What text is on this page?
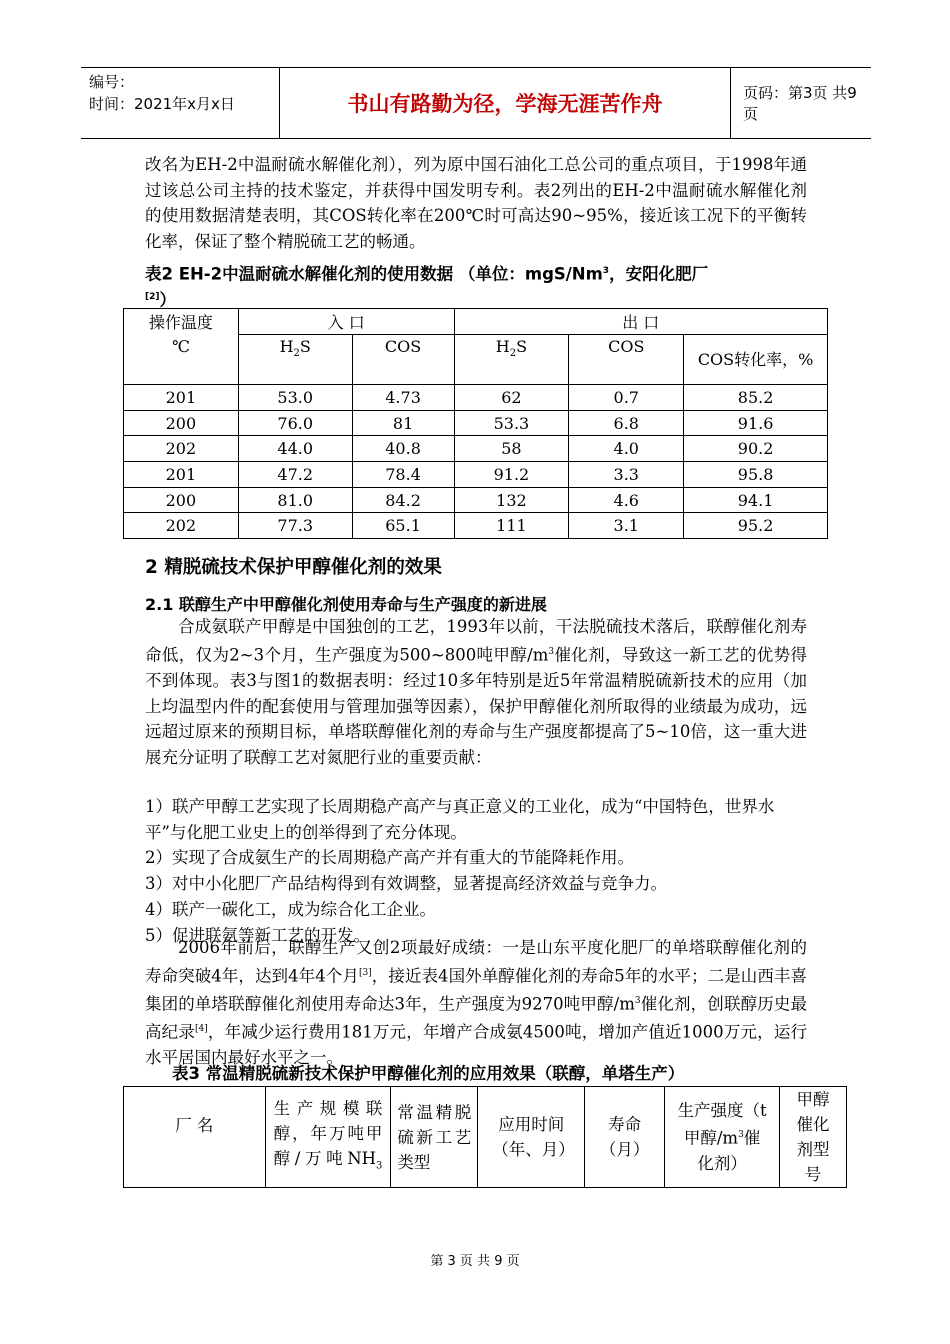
编号：
时间：2021年x月x日	书山有路勤为径，学海无涯苦作舟	页码：第3页 共9页
改名为EH-2中温耐硫水解催化剂），列为原中国石油化工总公司的重点项目，于1998年通过该总公司主持的技术鉴定，并获得中国发明专利。表2列出的EH-2中温耐硫水解催化剂的使用数据清楚表明，其COS转化率在200℃时可高达90~95%，接近该工况下的平衡转化率，保证了整个精脱硫工艺的畅通。
表2 EH-2中温耐硫水解催化剂的使用数据 （单位：mgS/Nm$^3$，安阳化肥厂
[2]）
操作温度	入 口		出 口		
℃	$H_2S$	COS	$H_2S$	COS	COS转化率，%
201	53.0	4.73	62	0.7	85.2
200	76.0	81	53.3	6.8	91.6
202	44.0	40.8	58	4.0	90.2
201	47.2	78.4	91.2	3.3	95.8
200	81.0	84.2	132	4.6	94.1
202	77.3	65.1	111	3.1	95.2
2 精脱硫技术保护甲醇催化剂的效果
2.1 联醇生产中甲醇催化剂使用寿命与生产强度的新进展
合成氨联产甲醇是中国独创的工艺，1993年以前，干法脱硫技术落后，联醇催化剂寿命低，仅为2~3个月，生产强度为500~800吨甲醇$/m^3$催化剂，导致这一新工艺的优势得不到体现。表3与图1的数据表明：经过10多年特别是近5年常温精脱硫新技术的应用（加上均温型内件的配套使用与管理加强等因素），保护甲醇催化剂所取得的业绩最为成功，远远超过原来的预期目标，单塔联醇催化剂的寿命与生产强度都提高了5~10倍，这一重大进展充分证明了联醇工艺对氮肥行业的重要贡献：
1）联产甲醇工艺实现了长周期稳产高产与真正意义的工业化，成为“中国特色，世界水平”与化肥工业史上的创举得到了充分体现。
2）实现了合成氨生产的长周期稳产高产并有重大的节能降耗作用。
3）对中小化肥厂产品结构得到有效调整，显著提高经济效益与竞争力。
4）联产一碳化工，成为综合化工企业。
5）促进联氨等新工艺的开发。
2006年前后，联醇生产又创2项最好成绩：一是山东平度化肥厂的单塔联醇催化剂的寿命突破4年，达到4年4个月[3]，接近表4国外单醇催化剂的寿命5年的水平；二是山西丰喜集团的单塔联醇催化剂使用寿命达3年，生产强度为9270吨甲醇$/m^3$催化剂，创联醇历史最高纪录[4]，年减少运行费用181万元，年增产合成氨4500吨，增加产值近1000万元，运行水平居国内最好水平之一。
表3 常温精脱硫新技术保护甲醇催化剂的应用效果（联醇，单塔生产）
厂 名	生产规模联醇，年万吨甲醇/万吨$NH_3$	常温精脱硫新工艺类型	应用时间（年、月）	寿命（月）	生产强度（t甲醇$/m^3$催化剂）	甲醇催化剂型号
第 3 页 共 9 页
